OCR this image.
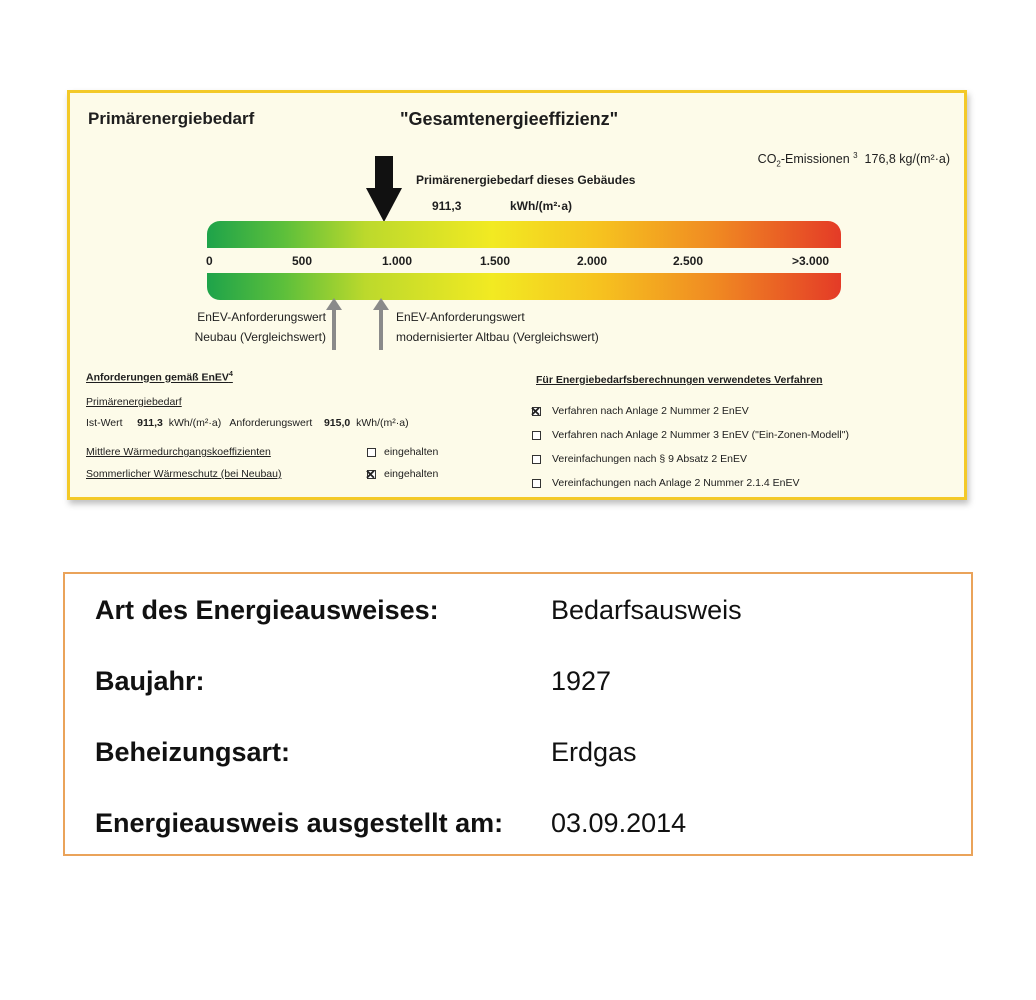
Primärenergiebedarf	"Gesamtenergieeffizienz"
$CO_2$-Emissionen $^3$ 176,8 kg/(m²·a)
Primärenergiebedarf dieses Gebäudes
911,3	kWh/(m²·a)
0	500	1.000	1.500	2.000	2.500	>3.000
EnEV-Anforderungswert
Neubau (Vergleichswert)
EnEV-Anforderungswert
modernisierter Altbau (Vergleichswert)
Anforderungen gemäß EnEV$^4$
Primärenergiebedarf
Ist-Wert 911,3 kWh/(m²·a) Anforderungswert 915,0 kWh/(m²·a)
Mittlere Wärmedurchgangskoeffizienten	eingehalten
Sommerlicher Wärmeschutz (bei Neubau)	✕ eingehalten
Für Energiebedarfsberechnungen verwendetes Verfahren
✕ Verfahren nach Anlage 2 Nummer 2 EnEV
Verfahren nach Anlage 2 Nummer 3 EnEV ("Ein-Zonen-Modell")
Vereinfachungen nach § 9 Absatz 2 EnEV
Vereinfachungen nach Anlage 2 Nummer 2.1.4 EnEV
Art des Energieausweises:	Bedarfsausweis
Baujahr:	1927
Beheizungsart:	Erdgas
Energieausweis ausgestellt am: 03.09.2014
